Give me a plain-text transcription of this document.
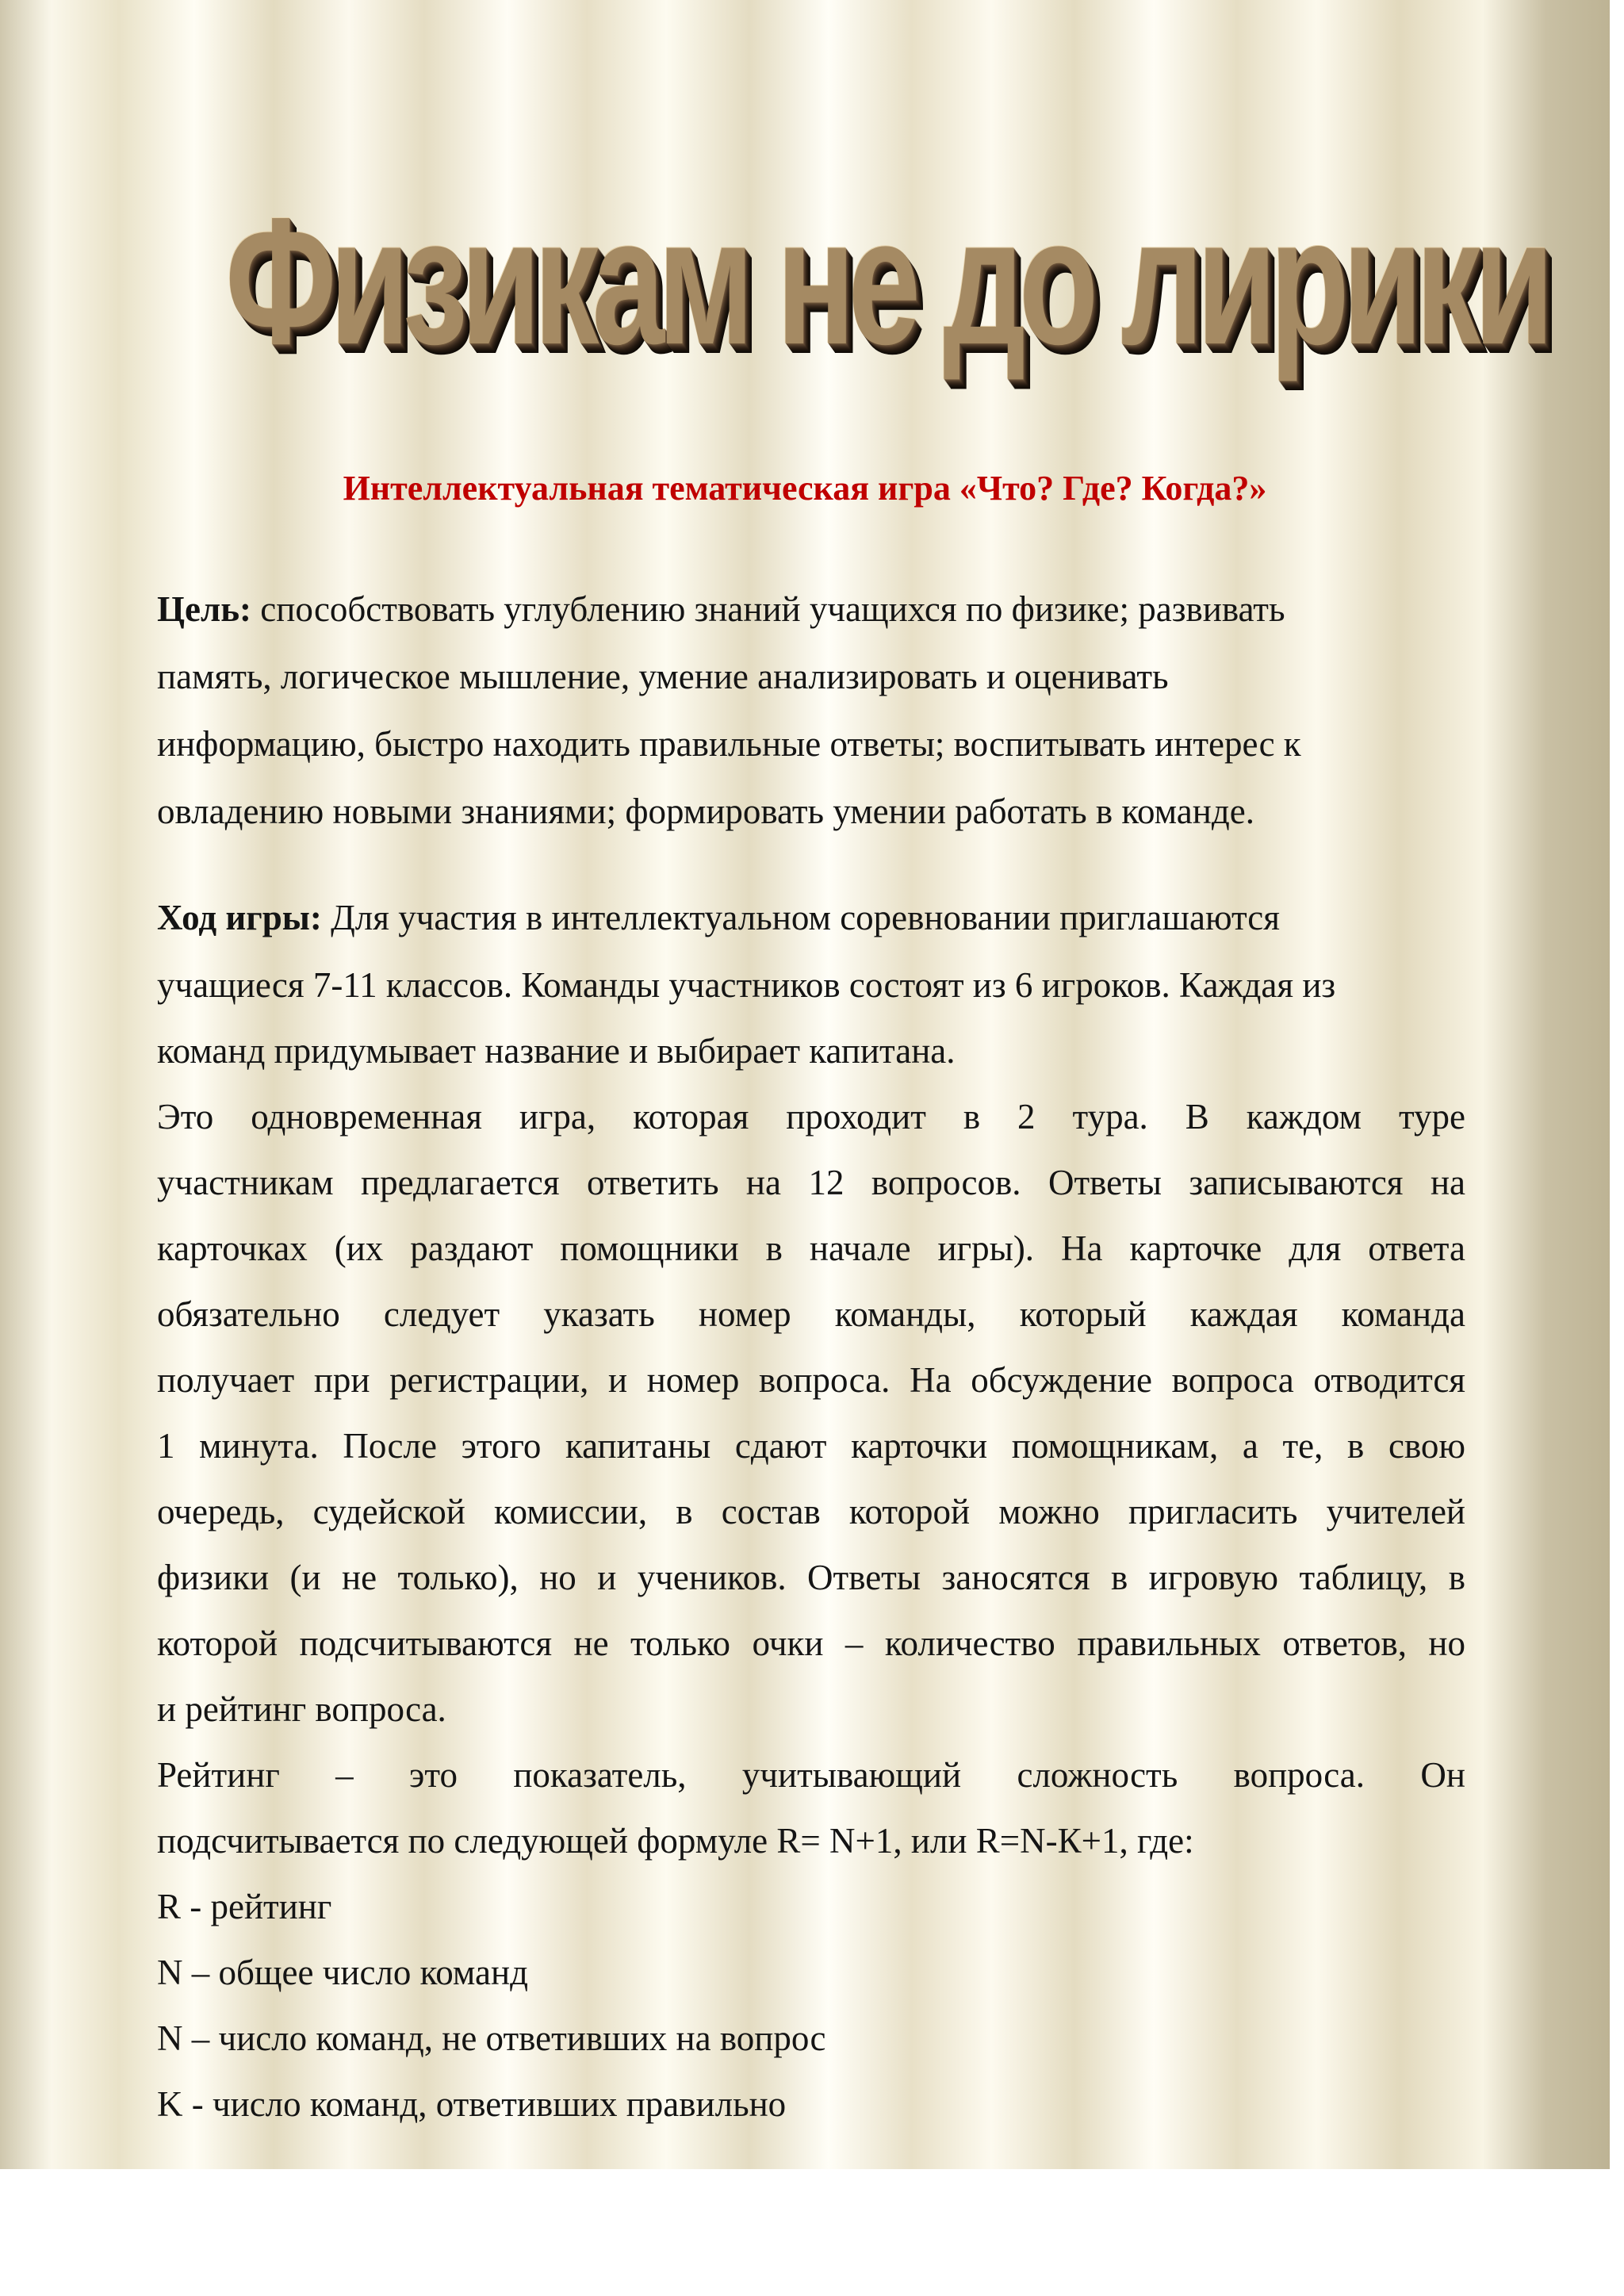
Физикам не до лирики
Интеллектуальная тематическая игра «Что? Где? Когда?»
Цель: способствовать углублению знаний учащихся по физике; развивать
память, логическое мышление, умение анализировать и оценивать
информацию, быстро находить правильные ответы; воспитывать интерес к
овладению новыми знаниями; формировать умении работать в команде.
Ход игры: Для участия в интеллектуальном соревновании приглашаются
учащиеся 7-11 классов. Команды участников состоят из 6 игроков. Каждая из
команд придумывает название и выбирает капитана.
Это одновременная игра, которая проходит в 2 тура. В каждом туре
участникам предлагается ответить на 12 вопросов. Ответы записываются на
карточках (их раздают помощники в начале игры). На карточке для ответа
обязательно следует указать номер команды, который каждая команда
получает при регистрации, и номер вопроса. На обсуждение вопроса отводится
1 минута. После этого капитаны сдают карточки помощникам, а те, в свою
очередь, судейской комиссии, в состав которой можно пригласить учителей
физики (и не только), но и учеников. Ответы заносятся в игровую таблицу, в
которой подсчитываются не только очки – количество правильных ответов, но
и рейтинг вопроса.
Рейтинг – это показатель, учитывающий сложность вопроса. Он
подсчитывается по следующей формуле R= N+1, или R=N-К+1, где:
R - рейтинг
N – общее число команд
N – число команд, не ответивших на вопрос
K - число команд, ответивших правильно
